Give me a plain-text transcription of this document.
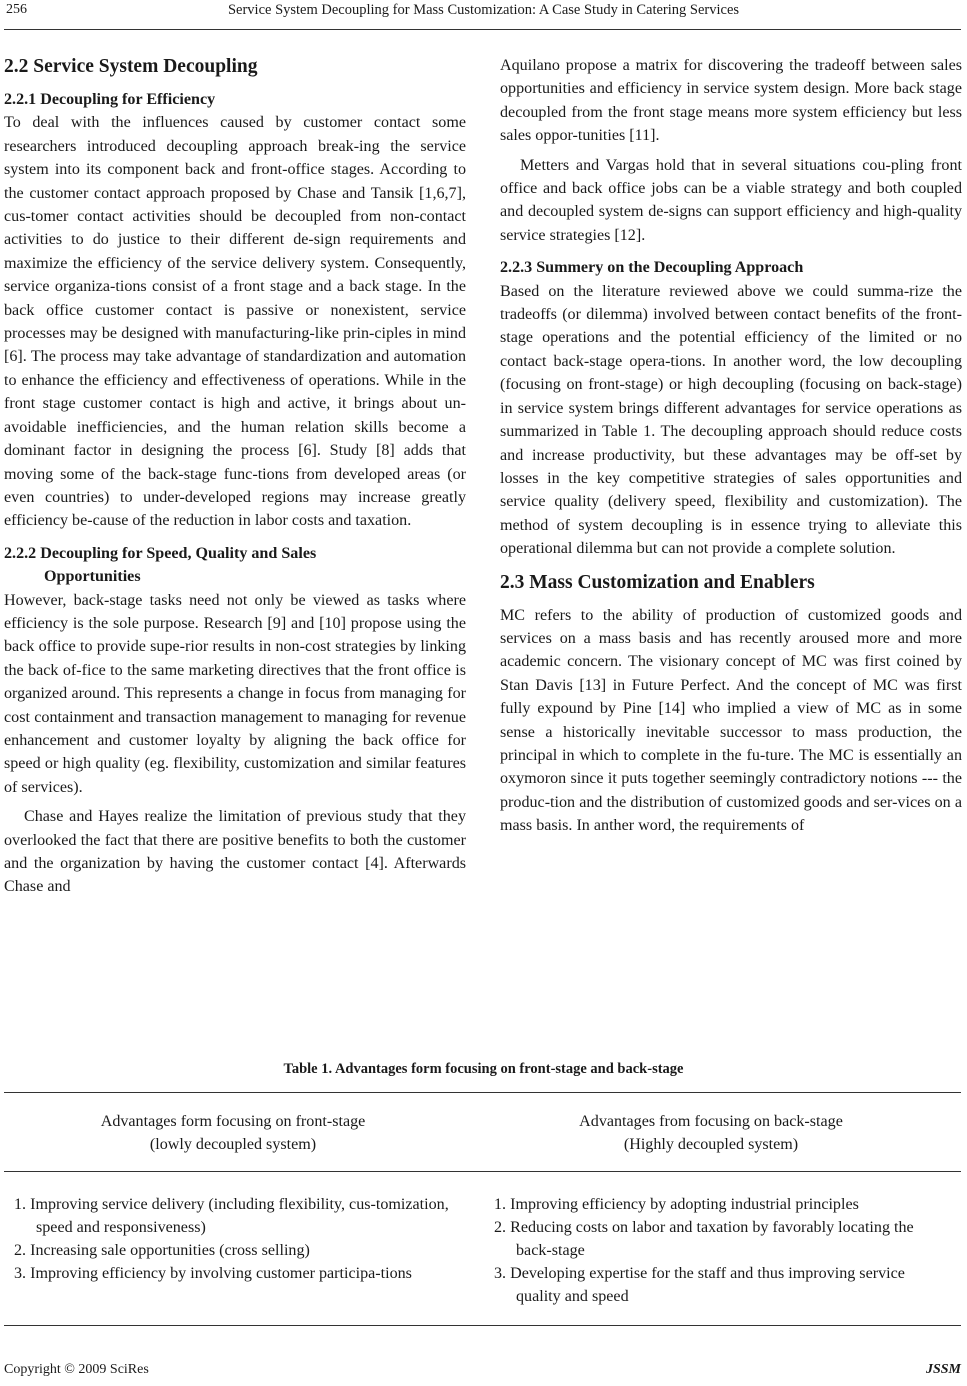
256	Service System Decoupling for Mass Customization: A Case Study in Catering Services
2.2 Service System Decoupling
2.2.1 Decoupling for Efficiency

To deal with the influences caused by customer contact some researchers introduced decoupling approach break-ing the service system into its component back and front-office stages. According to the customer contact approach proposed by Chase and Tansik [1,6,7], cus-tomer contact activities should be decoupled from non-contact activities to do justice to their different de-sign requirements and maximize the efficiency of the service delivery system. Consequently, service organiza-tions consist of a front stage and a back stage. In the back office customer contact is passive or nonexistent, service processes may be designed with manufacturing-like prin-ciples in mind [6]. The process may take advantage of standardization and automation to enhance the efficiency and effectiveness of operations. While in the front stage customer contact is high and active, it brings about un-avoidable inefficiencies, and the human relation skills become a dominant factor in designing the process [6]. Study [8] adds that moving some of the back-stage func-tions from developed areas (or even countries) to under-developed regions may increase greatly efficiency be-cause of the reduction in labor costs and taxation.

2.2.2 Decoupling for Speed, Quality and Sales
Opportunities

However, back-stage tasks need not only be viewed as tasks where efficiency is the sole purpose. Research [9] and [10] propose using the back office to provide supe-rior results in non-cost strategies by linking the back of-fice to the same marketing directives that the front office is organized around. This represents a change in focus from managing for cost containment and transaction management to managing for revenue enhancement and customer loyalty by aligning the back office for speed or high quality (eg. flexibility, customization and similar features of services).

Chase and Hayes realize the limitation of previous study that they overlooked the fact that there are positive benefits to both the customer and the organization by having the customer contact [4]. Afterwards Chase and

Aquilano propose a matrix for discovering the tradeoff between sales opportunities and efficiency in service system design. More back stage decoupled from the front stage means more system efficiency but less sales oppor-tunities [11].

Metters and Vargas hold that in several situations cou-pling front office and back office jobs can be a viable strategy and both coupled and decoupled system de-signs can support efficiency and high-quality service strategies [12].

2.2.3 Summery on the Decoupling Approach

Based on the literature reviewed above we could summa-rize the tradeoffs (or dilemma) involved between contact benefits of the front-stage operations and the potential efficiency of the limited or no contact back-stage opera-tions. In another word, the low decoupling (focusing on front-stage) or high decoupling (focusing on back-stage) in service system brings different advantages for service operations as summarized in Table 1. The decoupling approach should reduce costs and increase productivity, but these advantages may be off-set by losses in the key competitive strategies of sales opportunities and service quality (delivery speed, flexibility and customization). The method of system decoupling is in essence trying to alleviate this operational dilemma but can not provide a complete solution.

2.3 Mass Customization and Enablers

MC refers to the ability of production of customized goods and services on a mass basis and has recently aroused more and more academic concern. The visionary concept of MC was first coined by Stan Davis [13] in Future Perfect. And the concept of MC was first fully expound by Pine [14] who implied a view of MC as in some sense a historically inevitable successor to mass production, the principal in which to complete in the fu-ture. The MC is essentially an oxymoron since it puts together seemingly contradictory notions --- the produc-tion and the distribution of customized goods and ser-vices on a mass basis. In anther word, the requirements of

Table 1. Advantages form focusing on front-stage and back-stage
Advantages form focusing on front-stage
(lowly decoupled system)
Advantages from focusing on back-stage
(Highly decoupled system)
1. Improving service delivery (including flexibility, cus-tomization, speed and responsiveness)
2. Increasing sale opportunities (cross selling)
3. Improving efficiency by involving customer participa-tions
1. Improving efficiency by adopting industrial principles
2. Reducing costs on labor and taxation by favorably locating the back-stage
3. Developing expertise for the staff and thus improving service quality and speed
Copyright © 2009 SciRes	JSSM
